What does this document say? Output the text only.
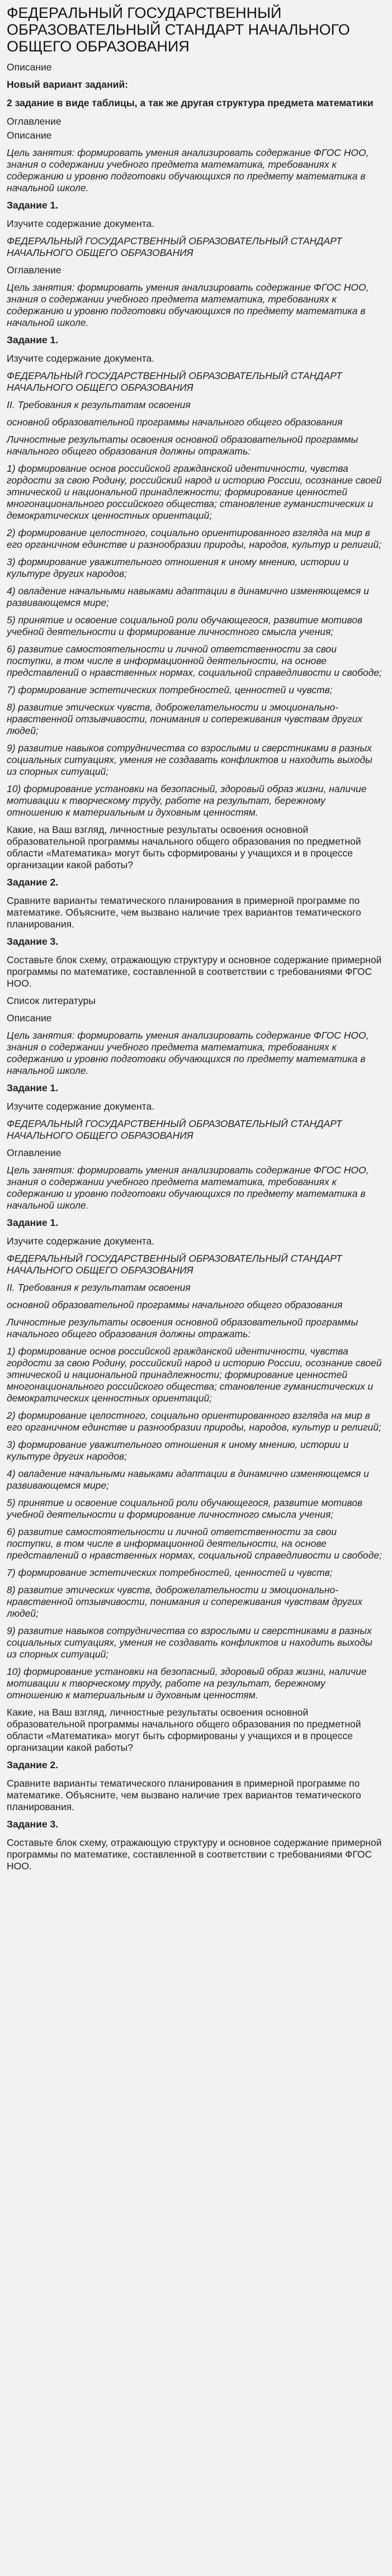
ФЕДЕРАЛЬНЫЙ ГОСУДАРСТВЕННЫЙ ОБРАЗОВАТЕЛЬНЫЙ СТАНДАРТ НАЧАЛЬНОГО ОБЩЕГО ОБРАЗОВАНИЯ

Описание

Новый вариант заданий:

2 задание в виде таблицы, а так же другая структура предмета математики

Оглавление

Описание

Цель занятия: формировать умения анализировать содержание ФГОС НОО, знания о содержании учебного предмета математика, требованиях к содержанию и уровню подготовки обучающихся по предмету математика в начальной школе.

Задание 1.

Изучите содержание документа.

ФЕДЕРАЛЬНЫЙ ГОСУДАРСТВЕННЫЙ ОБРАЗОВАТЕЛЬНЫЙ СТАНДАРТ НАЧАЛЬНОГО ОБЩЕГО ОБРАЗОВАНИЯ

Оглавление

Цель занятия: формировать умения анализировать содержание ФГОС НОО, знания о содержании учебного предмета математика, требованиях к содержанию и уровню подготовки обучающихся по предмету математика в начальной школе.

Задание 1.

Изучите содержание документа.

ФЕДЕРАЛЬНЫЙ ГОСУДАРСТВЕННЫЙ ОБРАЗОВАТЕЛЬНЫЙ СТАНДАРТ НАЧАЛЬНОГО ОБЩЕГО ОБРАЗОВАНИЯ

II. Требования к результатам освоения

основной образовательной программы начального общего образования

Личностные результаты освоения основной образовательной программы начального общего образования должны отражать:

1) формирование основ российской гражданской идентичности, чувства гордости за свою Родину, российский народ и историю России, осознание своей этнической и национальной принадлежности; формирование ценностей многонационального российского общества; становление гуманистических и демократических ценностных ориентаций;

2) формирование целостного, социально ориентированного взгляда на мир в его органичном единстве и разнообразии природы, народов, культур и религий;

3) формирование уважительного отношения к иному мнению, истории и культуре других народов;

4) овладение начальными навыками адаптации в динамично изменяющемся и развивающемся мире;

5) принятие и освоение социальной роли обучающегося, развитие мотивов учебной деятельности и формирование личностного смысла учения;

6) развитие самостоятельности и личной ответственности за свои поступки, в том числе в информационной деятельности, на основе представлений о нравственных нормах, социальной справедливости и свободе;

7) формирование эстетических потребностей, ценностей и чувств;

8) развитие этических чувств, доброжелательности и эмоционально-нравственной отзывчивости, понимания и сопереживания чувствам других людей;

9) развитие навыков сотрудничества со взрослыми и сверстниками в разных социальных ситуациях, умения не создавать конфликтов и находить выходы из спорных ситуаций;

10) формирование установки на безопасный, здоровый образ жизни, наличие мотивации к творческому труду, работе на результат, бережному отношению к материальным и духовным ценностям.

Какие, на Ваш взгляд, личностные результаты освоения основной образовательной программы начального общего образования по предметной области «Математика» могут быть сформированы у учащихся и в процессе организации какой работы?

Задание 2.

Сравните варианты тематического планирования в примерной программе по математике. Объясните, чем вызвано наличие трех вариантов тематического планирования.

Задание 3.

Составьте блок схему, отражающую структуру и основное содержание примерной программы по математике, составленной в соответствии с требованиями ФГОС НОО.

Список литературы

Описание

Цель занятия: формировать умения анализировать содержание ФГОС НОО, знания о содержании учебного предмета математика, требованиях к содержанию и уровню подготовки обучающихся по предмету математика в начальной школе.

Задание 1.

Изучите содержание документа.

ФЕДЕРАЛЬНЫЙ ГОСУДАРСТВЕННЫЙ ОБРАЗОВАТЕЛЬНЫЙ СТАНДАРТ НАЧАЛЬНОГО ОБЩЕГО ОБРАЗОВАНИЯ

Оглавление

Цель занятия: формировать умения анализировать содержание ФГОС НОО, знания о содержании учебного предмета математика, требованиях к содержанию и уровню подготовки обучающихся по предмету математика в начальной школе.

Задание 1.

Изучите содержание документа.

ФЕДЕРАЛЬНЫЙ ГОСУДАРСТВЕННЫЙ ОБРАЗОВАТЕЛЬНЫЙ СТАНДАРТ НАЧАЛЬНОГО ОБЩЕГО ОБРАЗОВАНИЯ

II. Требования к результатам освоения

основной образовательной программы начального общего образования

Личностные результаты освоения основной образовательной программы начального общего образования должны отражать:

1) формирование основ российской гражданской идентичности, чувства гордости за свою Родину, российский народ и историю России, осознание своей этнической и национальной принадлежности; формирование ценностей многонационального российского общества; становление гуманистических и демократических ценностных ориентаций;

2) формирование целостного, социально ориентированного взгляда на мир в его органичном единстве и разнообразии природы, народов, культур и религий;

3) формирование уважительного отношения к иному мнению, истории и культуре других народов;

4) овладение начальными навыками адаптации в динамично изменяющемся и развивающемся мире;

5) принятие и освоение социальной роли обучающегося, развитие мотивов учебной деятельности и формирование личностного смысла учения;

6) развитие самостоятельности и личной ответственности за свои поступки, в том числе в информационной деятельности, на основе представлений о нравственных нормах, социальной справедливости и свободе;

7) формирование эстетических потребностей, ценностей и чувств;

8) развитие этических чувств, доброжелательности и эмоционально-нравственной отзывчивости, понимания и сопереживания чувствам других людей;

9) развитие навыков сотрудничества со взрослыми и сверстниками в разных социальных ситуациях, умения не создавать конфликтов и находить выходы из спорных ситуаций;

10) формирование установки на безопасный, здоровый образ жизни, наличие мотивации к творческому труду, работе на результат, бережному отношению к материальным и духовным ценностям.

Какие, на Ваш взгляд, личностные результаты освоения основной образовательной программы начального общего образования по предметной области «Математика» могут быть сформированы у учащихся и в процессе организации какой работы?

Задание 2.

Сравните варианты тематического планирования в примерной программе по математике. Объясните, чем вызвано наличие трех вариантов тематического планирования.

Задание 3.

Составьте блок схему, отражающую структуру и основное содержание примерной программы по математике, составленной в соответствии с требованиями ФГОС НОО.
